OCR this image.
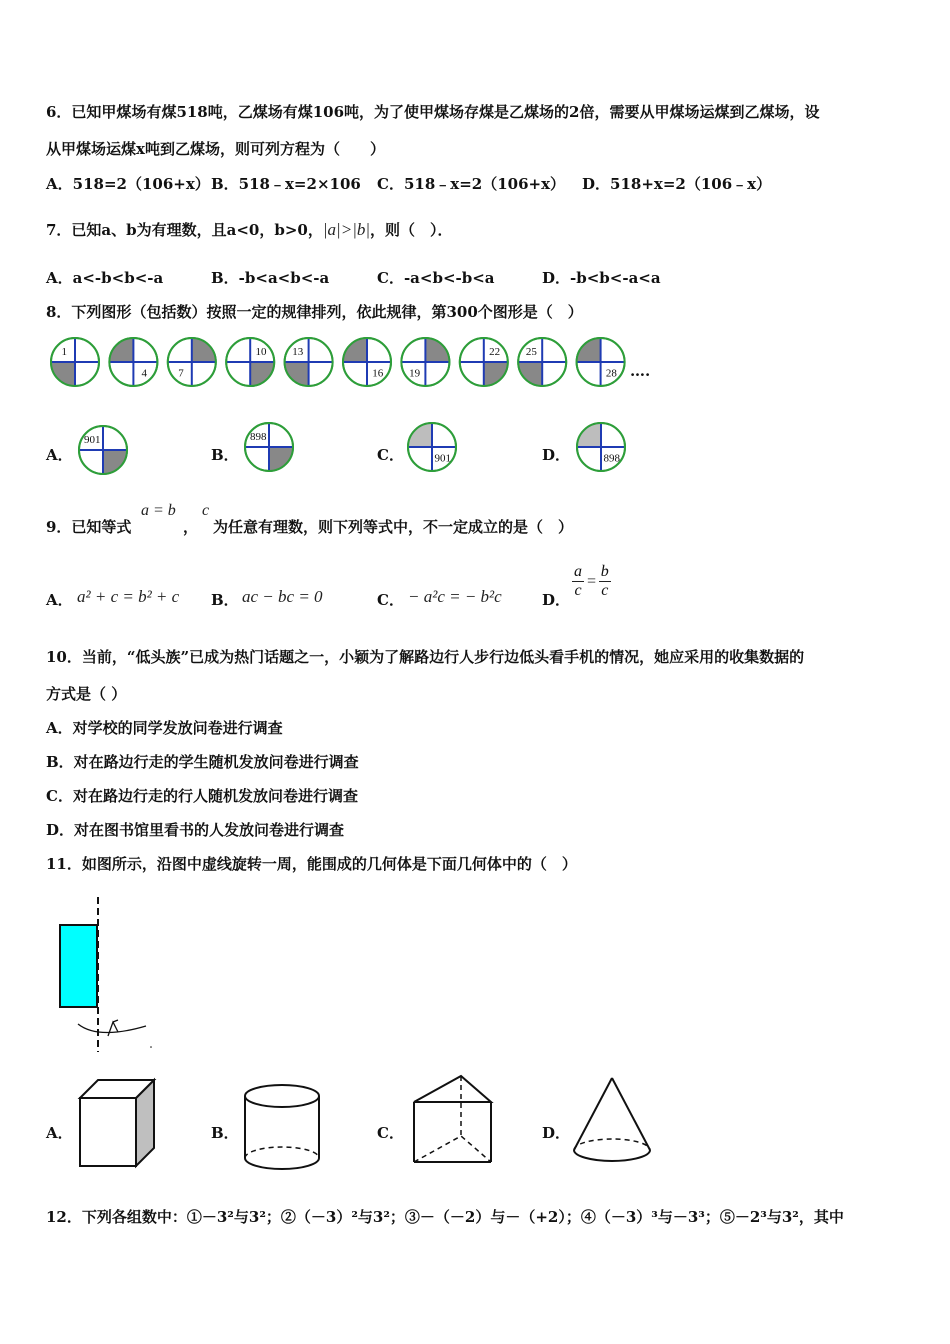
6．已知甲煤场有煤518吨，乙煤场有煤106吨，为了使甲煤场存煤是乙煤场的2倍，需要从甲煤场运煤到乙煤场，设
从甲煤场运煤x吨到乙煤场，则可列方程为（　　）
A．518=2（106+x） B．518﹣x=2×106 C．518﹣x=2（106+x） D．518+x=2（106﹣x）
7．已知a、b为有理数，且a<0，b>0，|a|>|b|，则（　）．
A．a<-b<b<-a	B．-b<a<b<-a	C．-a<b<-b<a	D．-b<b<-a<a
8．下列图形（包括数）按照一定的规律排列，依此规律，第300个图形是（　）
1
4	7
10 13
16 19
22 25
28
901	898
901	898
….
A．	B．	C．	D．
9．已知等式
a = b
，
c
为任意有理数，则下列等式中，不一定成立的是（　）
A． a² + c = b² + c B． ac − bc = 0	C． − a²c = − b²c	D． $\frac{a}{c} = \frac{b}{c}$
10．当前，“低头族”已成为热门话题之一，小颖为了解路边行人步行边低头看手机的情况，她应采用的收集数据的
方式是（ ）
A．对学校的同学发放问卷进行调查
B．对在路边行走的学生随机发放问卷进行调查
C．对在路边行走的行人随机发放问卷进行调查
D．对在图书馆里看书的人发放问卷进行调查
11．如图所示，沿图中虚线旋转一周，能围成的几何体是下面几何体中的（　）
A．	B．	C．	D．
12．下列各组数中：①－3²与3²；②（－3）²与3²；③－（－2）与－（+2）；④（－3）³与－3³；⑤－2³与3²，其中
